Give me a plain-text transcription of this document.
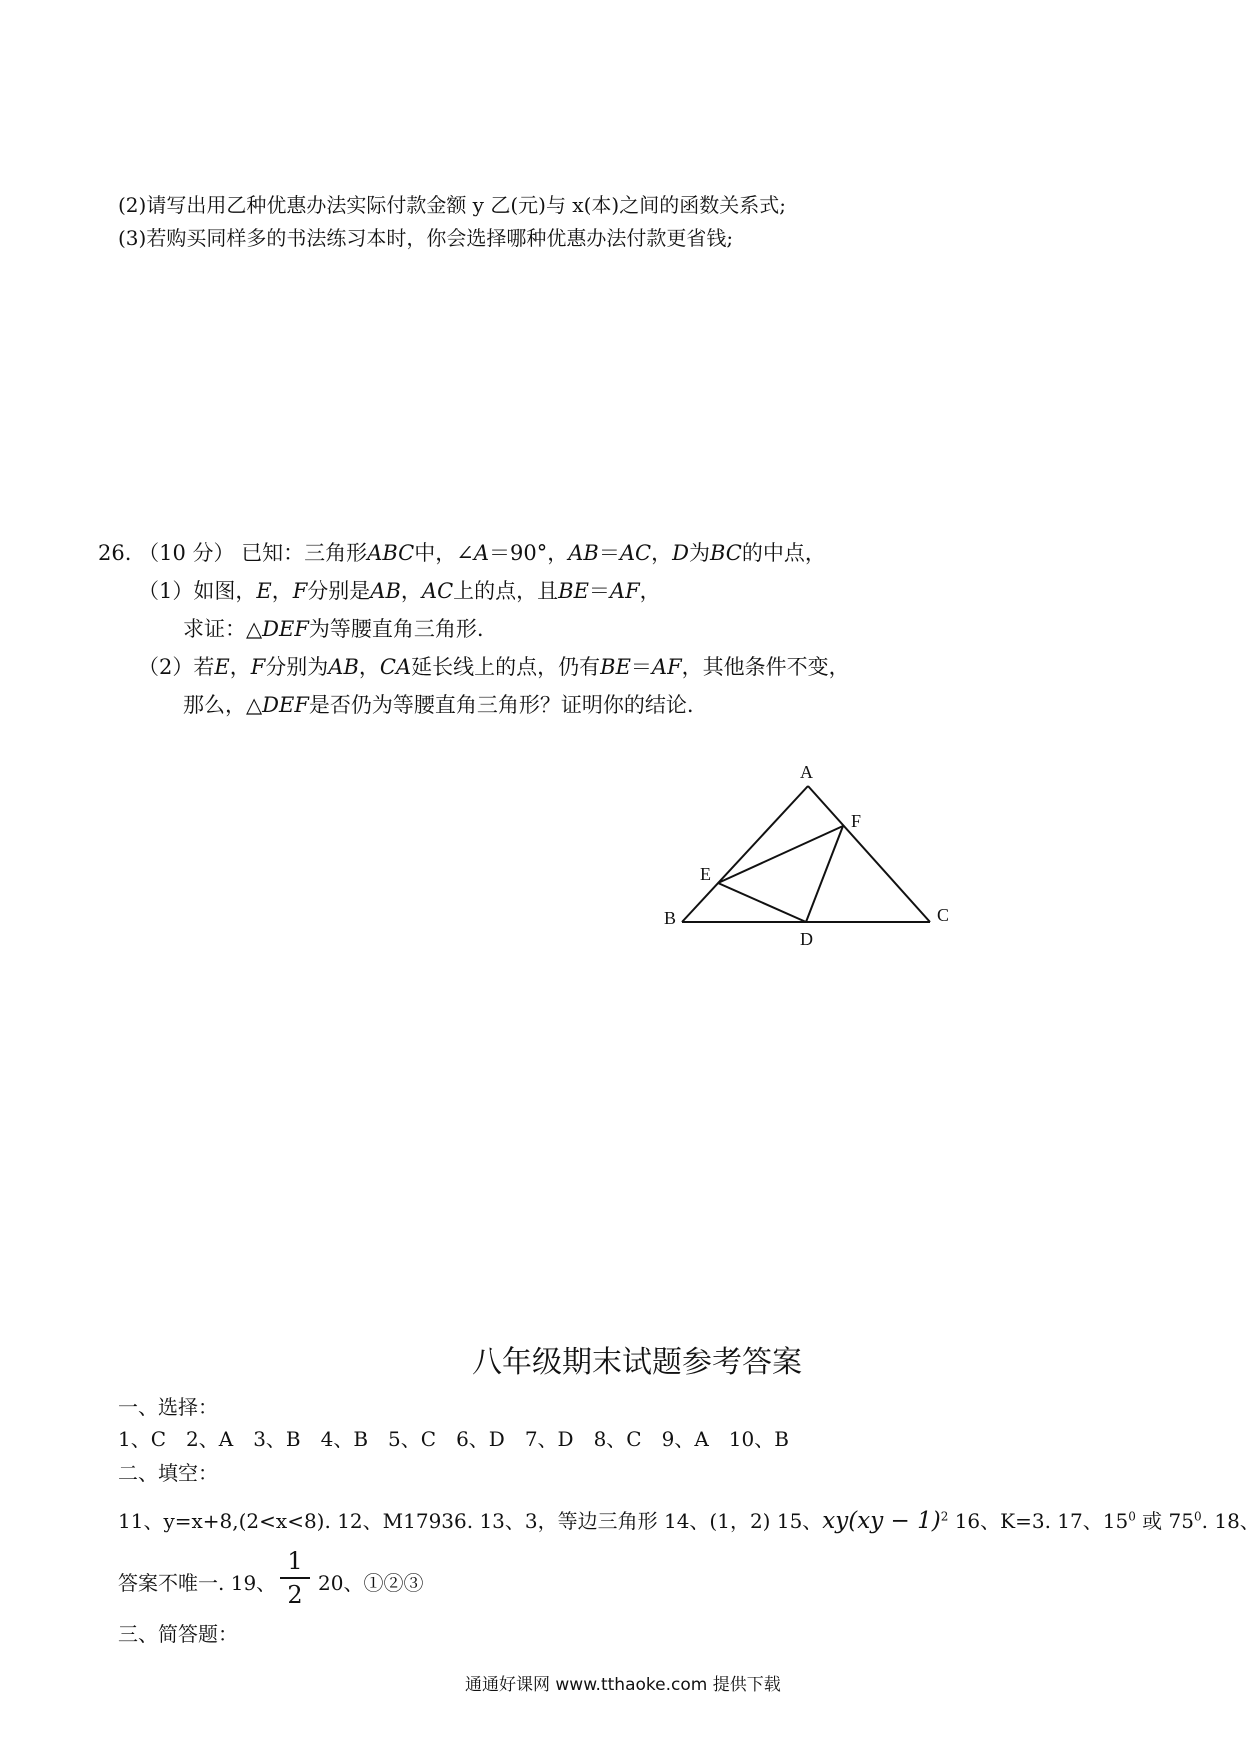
(2)请写出用乙种优惠办法实际付款金额 y 乙(元)与 x(本)之间的函数关系式;
(3)若购买同样多的书法练习本时，你会选择哪种优惠办法付款更省钱;
26. （10 分） 已知：三角形ABC中，∠A＝90°，AB＝AC，D为BC的中点，
（1）如图，E，F分别是AB，AC上的点，且BE＝AF，
求证：△DEF为等腰直角三角形.
（2）若E，F分别为AB，CA延长线上的点，仍有BE＝AF，其他条件不变，
那么，△DEF是否仍为等腰直角三角形？证明你的结论.
A
B	C
D
E
F
八年级期末试题参考答案
一、选择：
1、C　2、A　3、B　4、B　5、C　6、D　7、D　8、C　9、A　10、B
二、填空：
11、y=x+8,(2<x<8). 12、M17936. 13、3，等边三角形 14、(1，2) 15、xy(xy − 1)$^2$ 16、K=3. 17、$15^0$ 或 $75^0$. 18、
答案不唯一. 19、
1
2 20、①②③
三、简答题：
通通好课网 www.tthaoke.com 提供下载
